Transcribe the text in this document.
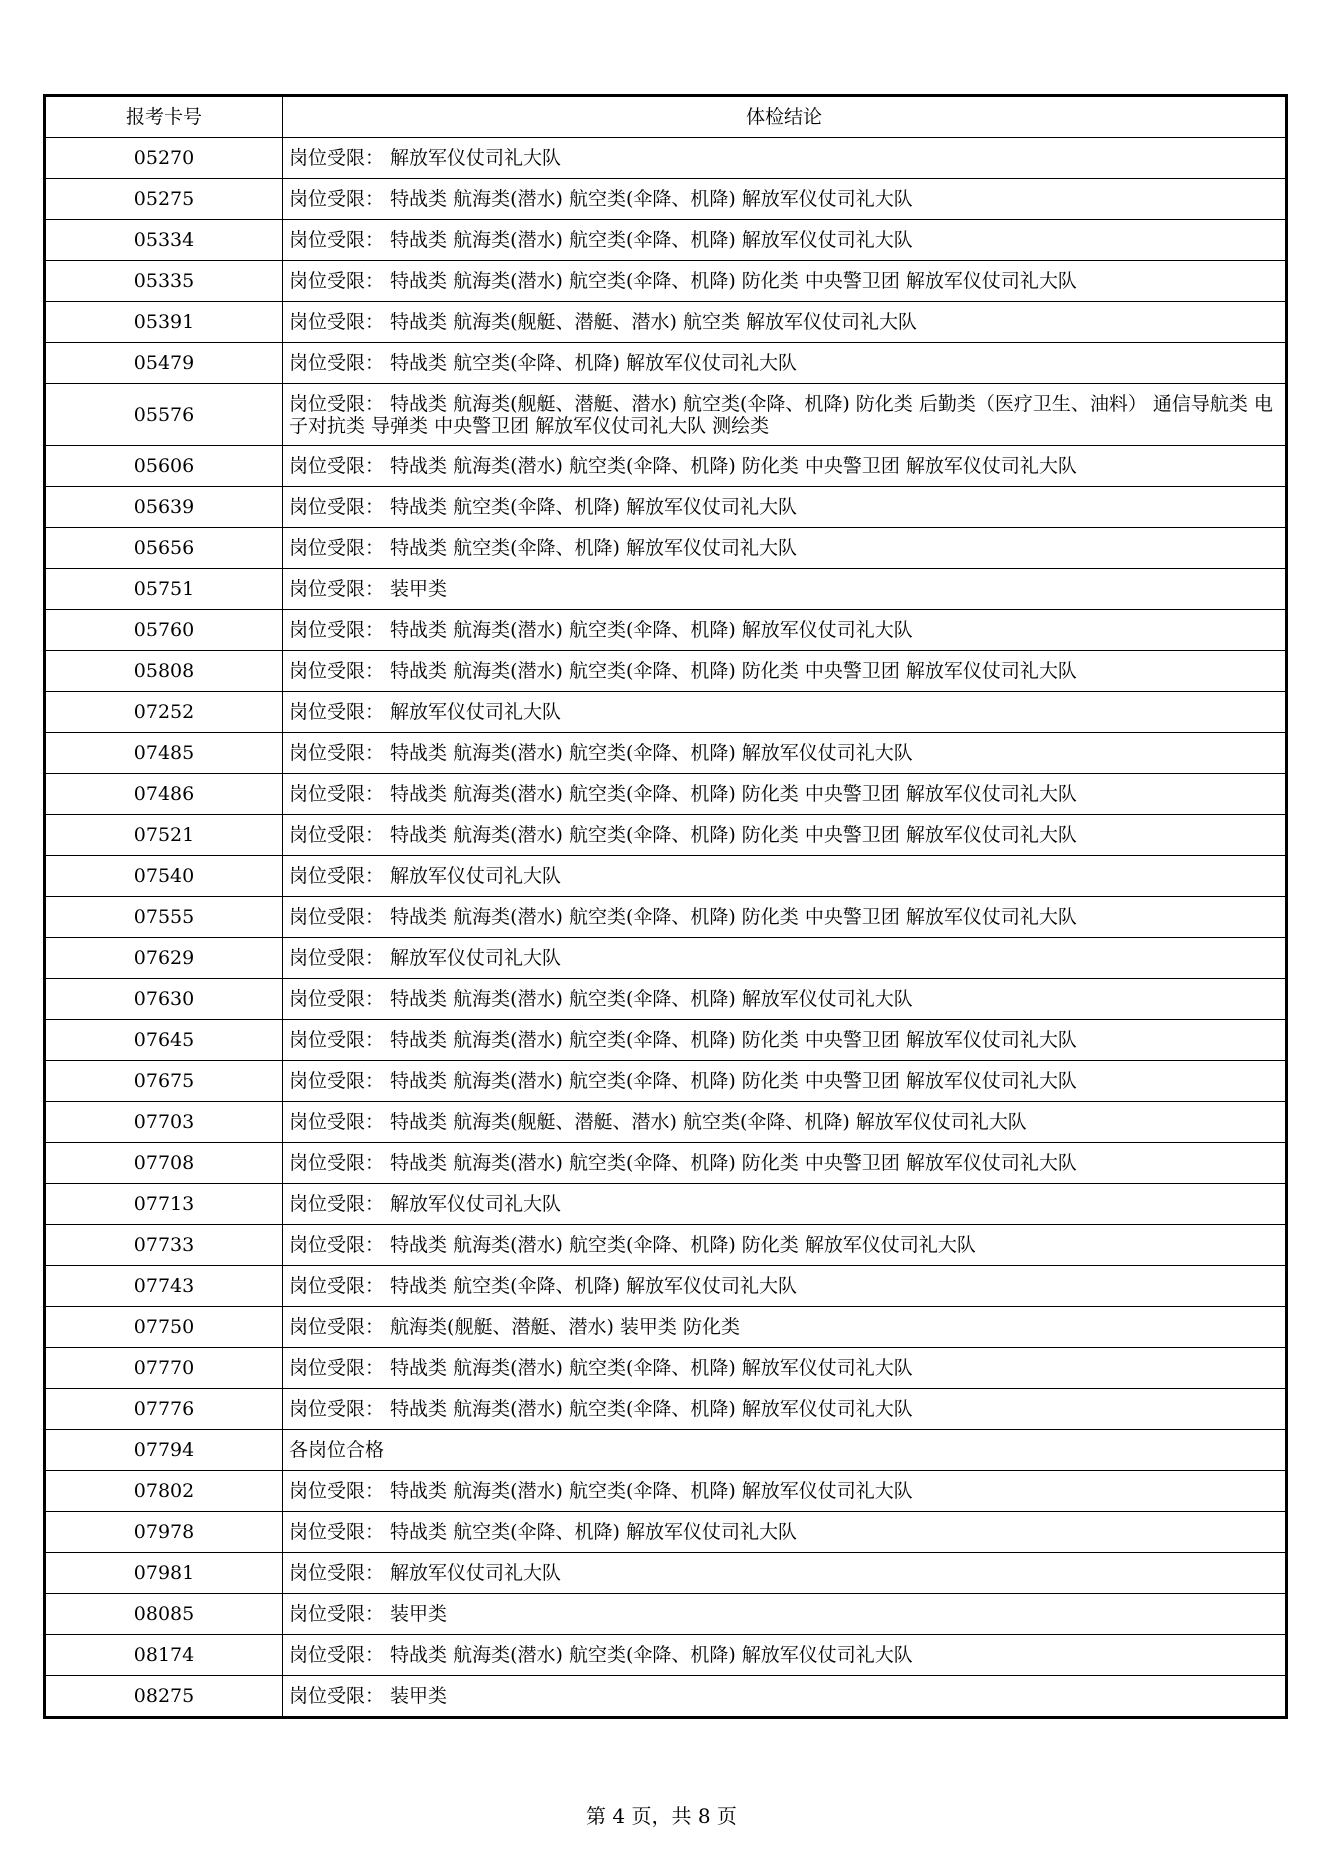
报考卡号	体检结论
05270	岗位受限： 解放军仪仗司礼大队
05275	岗位受限： 特战类 航海类(潜水) 航空类(伞降、机降) 解放军仪仗司礼大队
05334	岗位受限： 特战类 航海类(潜水) 航空类(伞降、机降) 解放军仪仗司礼大队
05335	岗位受限： 特战类 航海类(潜水) 航空类(伞降、机降) 防化类 中央警卫团 解放军仪仗司礼大队
05391	岗位受限： 特战类 航海类(舰艇、潜艇、潜水) 航空类 解放军仪仗司礼大队
05479	岗位受限： 特战类 航空类(伞降、机降) 解放军仪仗司礼大队
05576	岗位受限： 特战类 航海类(舰艇、潜艇、潜水) 航空类(伞降、机降) 防化类 后勤类（医疗卫生、油料） 通信导航类 电子对抗类 导弹类 中央警卫团 解放军仪仗司礼大队 测绘类
05606	岗位受限： 特战类 航海类(潜水) 航空类(伞降、机降) 防化类 中央警卫团 解放军仪仗司礼大队
05639	岗位受限： 特战类 航空类(伞降、机降) 解放军仪仗司礼大队
05656	岗位受限： 特战类 航空类(伞降、机降) 解放军仪仗司礼大队
05751	岗位受限： 装甲类
05760	岗位受限： 特战类 航海类(潜水) 航空类(伞降、机降) 解放军仪仗司礼大队
05808	岗位受限： 特战类 航海类(潜水) 航空类(伞降、机降) 防化类 中央警卫团 解放军仪仗司礼大队
07252	岗位受限： 解放军仪仗司礼大队
07485	岗位受限： 特战类 航海类(潜水) 航空类(伞降、机降) 解放军仪仗司礼大队
07486	岗位受限： 特战类 航海类(潜水) 航空类(伞降、机降) 防化类 中央警卫团 解放军仪仗司礼大队
07521	岗位受限： 特战类 航海类(潜水) 航空类(伞降、机降) 防化类 中央警卫团 解放军仪仗司礼大队
07540	岗位受限： 解放军仪仗司礼大队
07555	岗位受限： 特战类 航海类(潜水) 航空类(伞降、机降) 防化类 中央警卫团 解放军仪仗司礼大队
07629	岗位受限： 解放军仪仗司礼大队
07630	岗位受限： 特战类 航海类(潜水) 航空类(伞降、机降) 解放军仪仗司礼大队
07645	岗位受限： 特战类 航海类(潜水) 航空类(伞降、机降) 防化类 中央警卫团 解放军仪仗司礼大队
07675	岗位受限： 特战类 航海类(潜水) 航空类(伞降、机降) 防化类 中央警卫团 解放军仪仗司礼大队
07703	岗位受限： 特战类 航海类(舰艇、潜艇、潜水) 航空类(伞降、机降) 解放军仪仗司礼大队
07708	岗位受限： 特战类 航海类(潜水) 航空类(伞降、机降) 防化类 中央警卫团 解放军仪仗司礼大队
07713	岗位受限： 解放军仪仗司礼大队
07733	岗位受限： 特战类 航海类(潜水) 航空类(伞降、机降) 防化类 解放军仪仗司礼大队
07743	岗位受限： 特战类 航空类(伞降、机降) 解放军仪仗司礼大队
07750	岗位受限： 航海类(舰艇、潜艇、潜水) 装甲类 防化类
07770	岗位受限： 特战类 航海类(潜水) 航空类(伞降、机降) 解放军仪仗司礼大队
07776	岗位受限： 特战类 航海类(潜水) 航空类(伞降、机降) 解放军仪仗司礼大队
07794	各岗位合格
07802	岗位受限： 特战类 航海类(潜水) 航空类(伞降、机降) 解放军仪仗司礼大队
07978	岗位受限： 特战类 航空类(伞降、机降) 解放军仪仗司礼大队
07981	岗位受限： 解放军仪仗司礼大队
08085	岗位受限： 装甲类
08174	岗位受限： 特战类 航海类(潜水) 航空类(伞降、机降) 解放军仪仗司礼大队
08275	岗位受限： 装甲类
第 4 页，共 8 页
